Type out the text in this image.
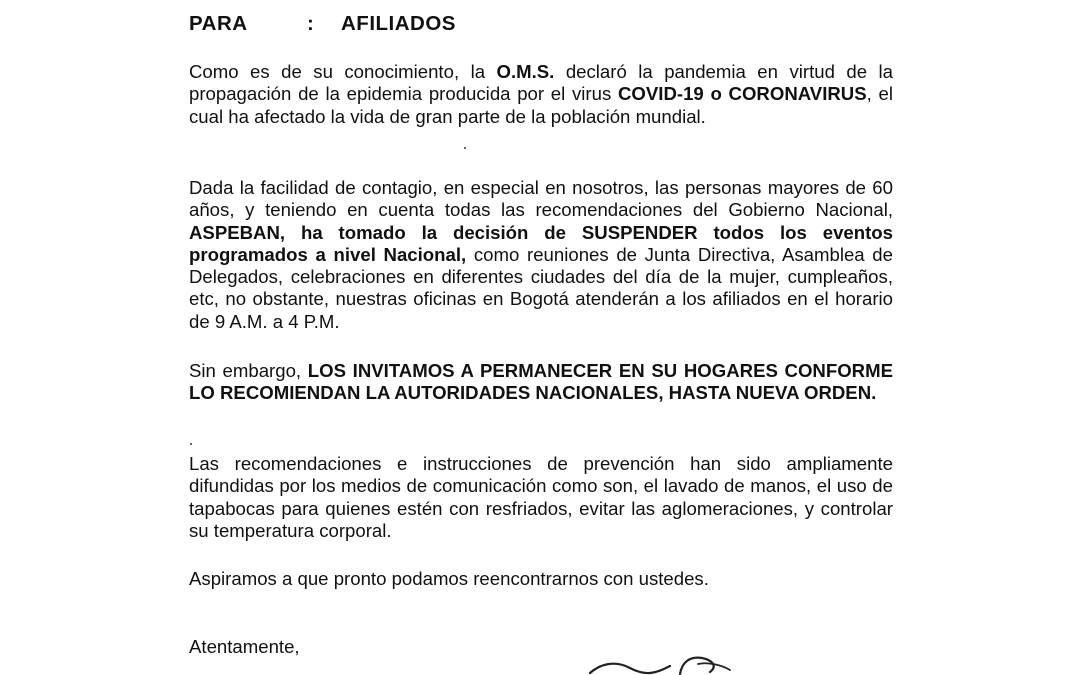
PARA	: AFILIADOS

Como es de su conocimiento, la O.M.S. declaró la pandemia en virtud de la propagación de la epidemia producida por el virus COVID-19 o CORONAVIRUS, el cual ha afectado la vida de gran parte de la población mundial.

Dada la facilidad de contagio, en especial en nosotros, las personas mayores de 60 años, y teniendo en cuenta todas las recomendaciones del Gobierno Nacional, ASPEBAN, ha tomado la decisión de SUSPENDER todos los eventos programados a nivel Nacional, como reuniones de Junta Directiva, Asamblea de Delegados, celebraciones en diferentes ciudades del día de la mujer, cumpleaños, etc, no obstante, nuestras oficinas en Bogotá atenderán a los afiliados en el horario de 9 A.M. a 4 P.M.

Sin embargo, LOS INVITAMOS A PERMANECER EN SU HOGARES CONFORME LO RECOMIENDAN LA AUTORIDADES NACIONALES, HASTA NUEVA ORDEN.

Las recomendaciones e instrucciones de prevención han sido ampliamente difundidas por los medios de comunicación como son, el lavado de manos, el uso de tapabocas para quienes estén con resfriados, evitar las aglomeraciones, y controlar su temperatura corporal.

Aspiramos a que pronto podamos reencontrarnos con ustedes.

Atentamente,
